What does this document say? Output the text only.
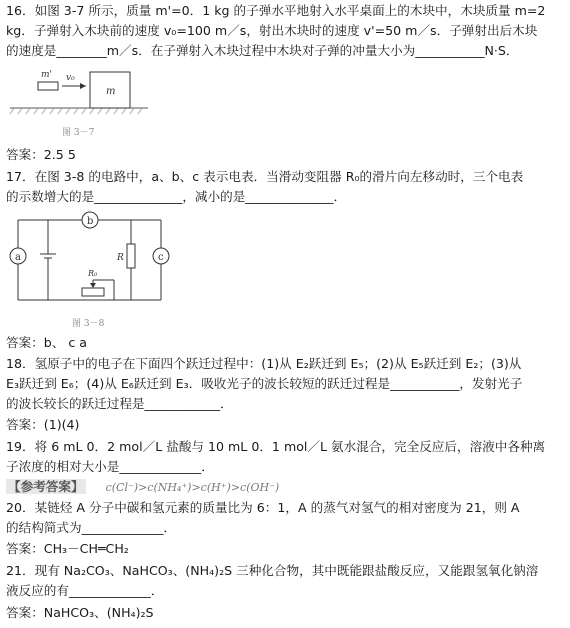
16．如图 3-7 所示，质量 m'=0．1 kg 的子弹水平地射入水平桌面上的木块中，木块质量 m=2
kg．子弹射入木块前的速度 v₀=100 m／s，射出木块时的速度 v'=50 m／s．子弹射出后木块
的速度是________m／s．在子弹射入木块过程中木块对子弹的冲量大小为___________N·S．
m' v₀
m
图 3－7
答案：2.5 5
17．在图 3-8 的电路中，a、b、c 表示电表．当滑动变阻器 R₀的滑片向左移动时，三个电表
的示数增大的是______________，减小的是______________．
a
b
c
R
R₀
图 3－8
答案：b、 c a
18．氢原子中的电子在下面四个跃迁过程中：(1)从 E₂跃迁到 E₅；(2)从 E₅跃迁到 E₂；(3)从
E₃跃迁到 E₆；(4)从 E₆跃迁到 E₃．吸收光子的波长较短的跃迁过程是___________，发射光子
的波长较长的跃迁过程是____________．
答案：(1)(4)
19．将 6 mL 0．2 mol／L 盐酸与 10 mL 0．1 mol／L 氨水混合，完全反应后，溶液中各种离
子浓度的相对大小是_____________．
【参考答案】 c(Cl⁻)>c(NH₄⁺)>c(H⁺)>c(OH⁻)
20．某链烃 A 分子中碳和氢元素的质量比为 6：1，A 的蒸气对氢气的相对密度为 21，则 A
的结构简式为_____________．
答案：CH₃－CH═CH₂
21．现有 Na₂CO₃、NaHCO₃、(NH₄)₂S 三种化合物，其中既能跟盐酸反应，又能跟氢氧化钠溶
液反应的有_____________．
答案：NaHCO₃、(NH₄)₂S
